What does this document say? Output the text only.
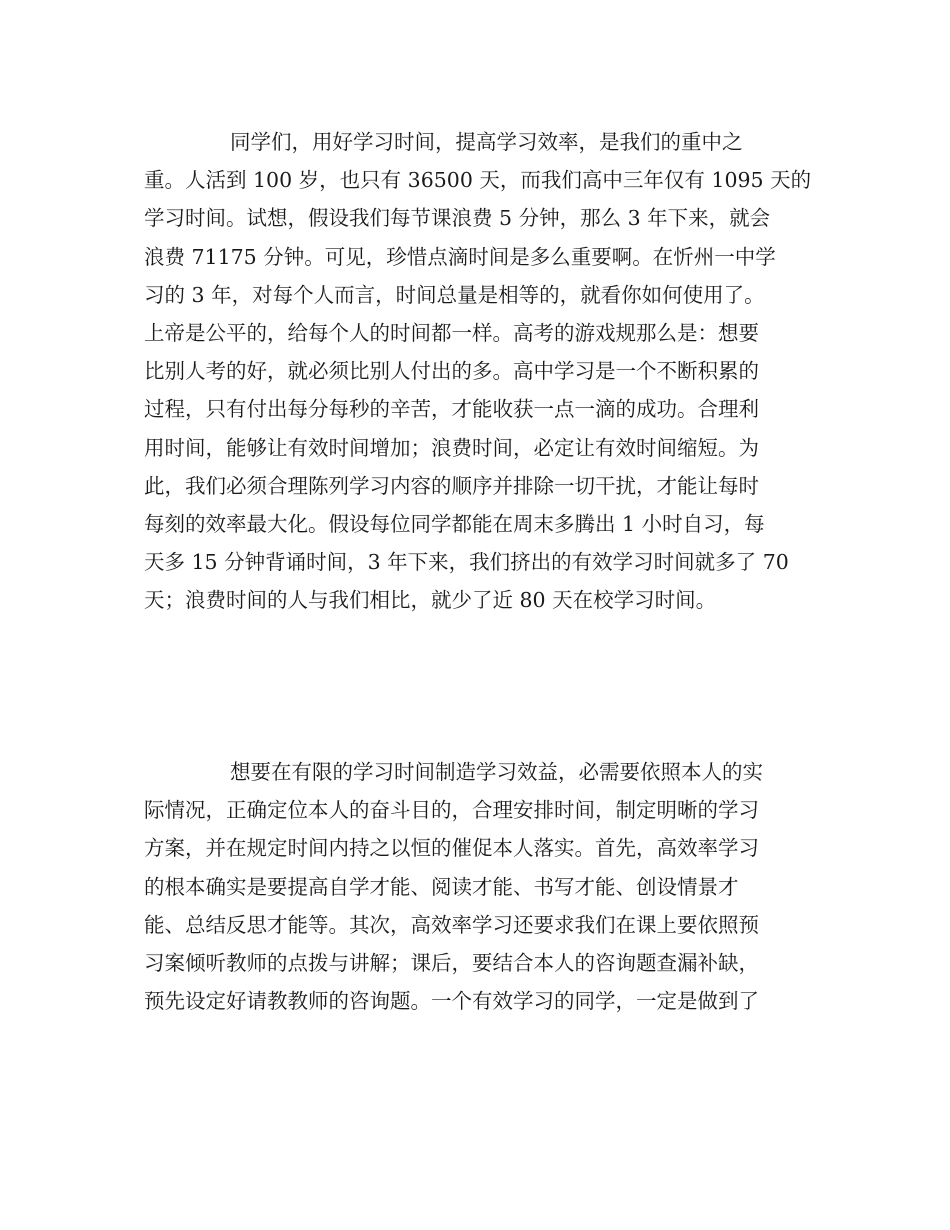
同学们，用好学习时间，提高学习效率，是我们的重中之
重。人活到 100 岁，也只有 36500 天，而我们高中三年仅有 1095 天的
学习时间。试想，假设我们每节课浪费 5 分钟，那么 3 年下来，就会
浪费 71175 分钟。可见，珍惜点滴时间是多么重要啊。在忻州一中学
习的 3 年，对每个人而言，时间总量是相等的，就看你如何使用了。
上帝是公平的，给每个人的时间都一样。高考的游戏规那么是：想要
比别人考的好，就必须比别人付出的多。高中学习是一个不断积累的
过程，只有付出每分每秒的辛苦，才能收获一点一滴的成功。合理利
用时间，能够让有效时间增加；浪费时间，必定让有效时间缩短。为
此，我们必须合理陈列学习内容的顺序并排除一切干扰，才能让每时
每刻的效率最大化。假设每位同学都能在周末多腾出 1 小时自习，每
天多 15 分钟背诵时间，3 年下来，我们挤出的有效学习时间就多了 70
天；浪费时间的人与我们相比，就少了近 80 天在校学习时间。
想要在有限的学习时间制造学习效益，必需要依照本人的实
际情况，正确定位本人的奋斗目的，合理安排时间，制定明晰的学习
方案，并在规定时间内持之以恒的催促本人落实。首先，高效率学习
的根本确实是要提高自学才能、阅读才能、书写才能、创设情景才
能、总结反思才能等。其次，高效率学习还要求我们在课上要依照预
习案倾听教师的点拨与讲解；课后，要结合本人的咨询题查漏补缺，
预先设定好请教教师的咨询题。一个有效学习的同学，一定是做到了
